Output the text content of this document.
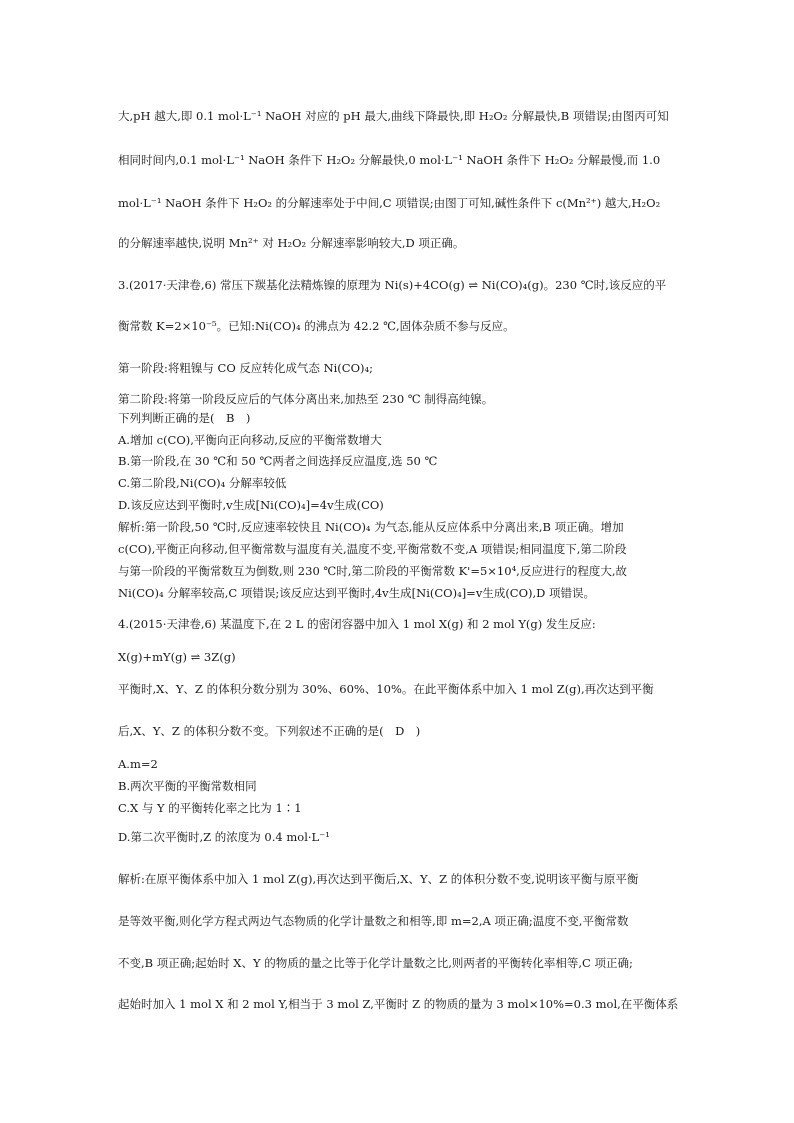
大,pH 越大,即 0.1 mol·L⁻¹ NaOH 对应的 pH 最大,曲线下降最快,即 H₂O₂ 分解最快,B 项错误;由图丙可知
相同时间内,0.1 mol·L⁻¹ NaOH 条件下 H₂O₂ 分解最快,0 mol·L⁻¹ NaOH 条件下 H₂O₂ 分解最慢,而 1.0
mol·L⁻¹ NaOH 条件下 H₂O₂ 的分解速率处于中间,C 项错误;由图丁可知,碱性条件下 c(Mn²⁺) 越大,H₂O₂
的分解速率越快,说明 Mn²⁺ 对 H₂O₂ 分解速率影响较大,D 项正确。
3.(2017·天津卷,6) 常压下羰基化法精炼镍的原理为 Ni(s)+4CO(g) ⇌ Ni(CO)₄(g)。230 ℃时,该反应的平
衡常数 K=2×10⁻⁵。已知:Ni(CO)₄ 的沸点为 42.2 ℃,固体杂质不参与反应。
第一阶段:将粗镍与 CO 反应转化成气态 Ni(CO)₄;
第二阶段:将第一阶段反应后的气体分离出来,加热至 230 ℃ 制得高纯镍。
下列判断正确的是(　B　)
A.增加 c(CO),平衡向正向移动,反应的平衡常数增大
B.第一阶段,在 30 ℃和 50 ℃两者之间选择反应温度,选 50 ℃
C.第二阶段,Ni(CO)₄ 分解率较低
D.该反应达到平衡时,v生成[Ni(CO)₄]=4v生成(CO)
解析:第一阶段,50 ℃时,反应速率较快且 Ni(CO)₄ 为气态,能从反应体系中分离出来,B 项正确。增加
c(CO),平衡正向移动,但平衡常数与温度有关,温度不变,平衡常数不变,A 项错误;相同温度下,第二阶段
与第一阶段的平衡常数互为倒数,则 230 ℃时,第二阶段的平衡常数 K'=5×10⁴,反应进行的程度大,故
Ni(CO)₄ 分解率较高,C 项错误;该反应达到平衡时,4v生成[Ni(CO)₄]=v生成(CO),D 项错误。
4.(2015·天津卷,6) 某温度下,在 2 L 的密闭容器中加入 1 mol X(g) 和 2 mol Y(g) 发生反应:
X(g)+mY(g) ⇌ 3Z(g)
平衡时,X、Y、Z 的体积分数分别为 30%、60%、10%。在此平衡体系中加入 1 mol Z(g),再次达到平衡
后,X、Y、Z 的体积分数不变。下列叙述不正确的是(　D　)
A.m=2
B.两次平衡的平衡常数相同
C.X 与 Y 的平衡转化率之比为 1∶1
D.第二次平衡时,Z 的浓度为 0.4 mol·L⁻¹
解析:在原平衡体系中加入 1 mol Z(g),再次达到平衡后,X、Y、Z 的体积分数不变,说明该平衡与原平衡
是等效平衡,则化学方程式两边气态物质的化学计量数之和相等,即 m=2,A 项正确;温度不变,平衡常数
不变,B 项正确;起始时 X、Y 的物质的量之比等于化学计量数之比,则两者的平衡转化率相等,C 项正确;
起始时加入 1 mol X 和 2 mol Y,相当于 3 mol Z,平衡时 Z 的物质的量为 3 mol×10%=0.3 mol,在平衡体系
